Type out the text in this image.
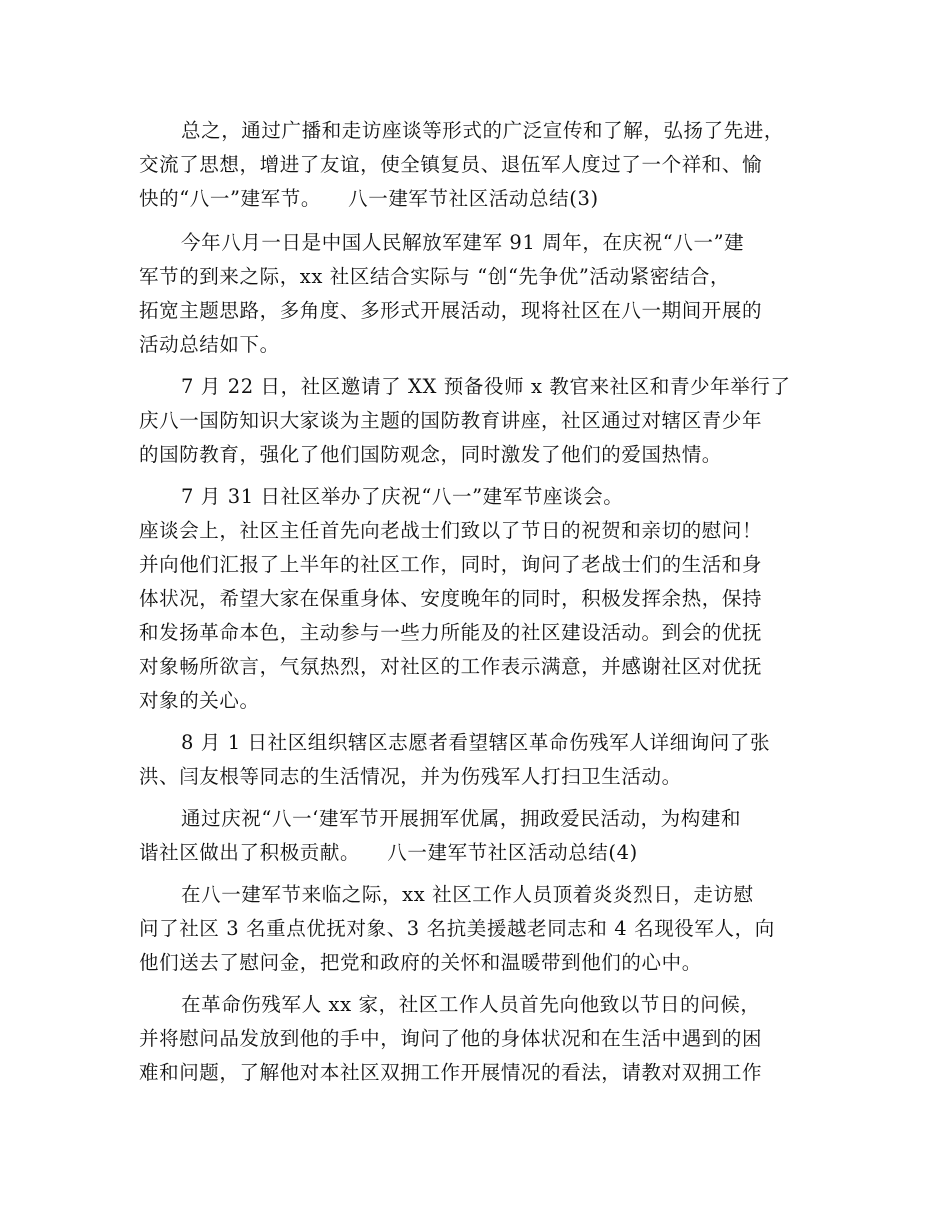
总之，通过广播和走访座谈等形式的广泛宣传和了解，弘扬了先进，
交流了思想，增进了友谊，使全镇复员、退伍军人度过了一个祥和、愉
快的“八一”建军节。    八一建军节社区活动总结(3)
今年八月一日是中国人民解放军建军 91 周年，在庆祝“八一”建
军节的到来之际，xx 社区结合实际与 “创“先争优”活动紧密结合，
拓宽主题思路，多角度、多形式开展活动，现将社区在八一期间开展的
活动总结如下。
7 月 22 日，社区邀请了 XX 预备役师 x 教官来社区和青少年举行了
庆八一国防知识大家谈为主题的国防教育讲座，社区通过对辖区青少年
的国防教育，强化了他们国防观念，同时激发了他们的爱国热情。
7 月 31 日社区举办了庆祝“八一”建军节座谈会。
座谈会上，社区主任首先向老战士们致以了节日的祝贺和亲切的慰问！
并向他们汇报了上半年的社区工作，同时，询问了老战士们的生活和身
体状况，希望大家在保重身体、安度晚年的同时，积极发挥余热，保持
和发扬革命本色，主动参与一些力所能及的社区建设活动。到会的优抚
对象畅所欲言，气氛热烈，对社区的工作表示满意，并感谢社区对优抚
对象的关心。
8 月 1 日社区组织辖区志愿者看望辖区革命伤残军人详细询问了张
洪、闫友根等同志的生活情况，并为伤残军人打扫卫生活动。
通过庆祝“八一‘建军节开展拥军优属，拥政爱民活动，为构建和
谐社区做出了积极贡献。    八一建军节社区活动总结(4)
在八一建军节来临之际，xx 社区工作人员顶着炎炎烈日，走访慰
问了社区 3 名重点优抚对象、3 名抗美援越老同志和 4 名现役军人，向
他们送去了慰问金，把党和政府的关怀和温暖带到他们的心中。
在革命伤残军人 xx 家，社区工作人员首先向他致以节日的问候，
并将慰问品发放到他的手中，询问了他的身体状况和在生活中遇到的困
难和问题，了解他对本社区双拥工作开展情况的看法，请教对双拥工作
